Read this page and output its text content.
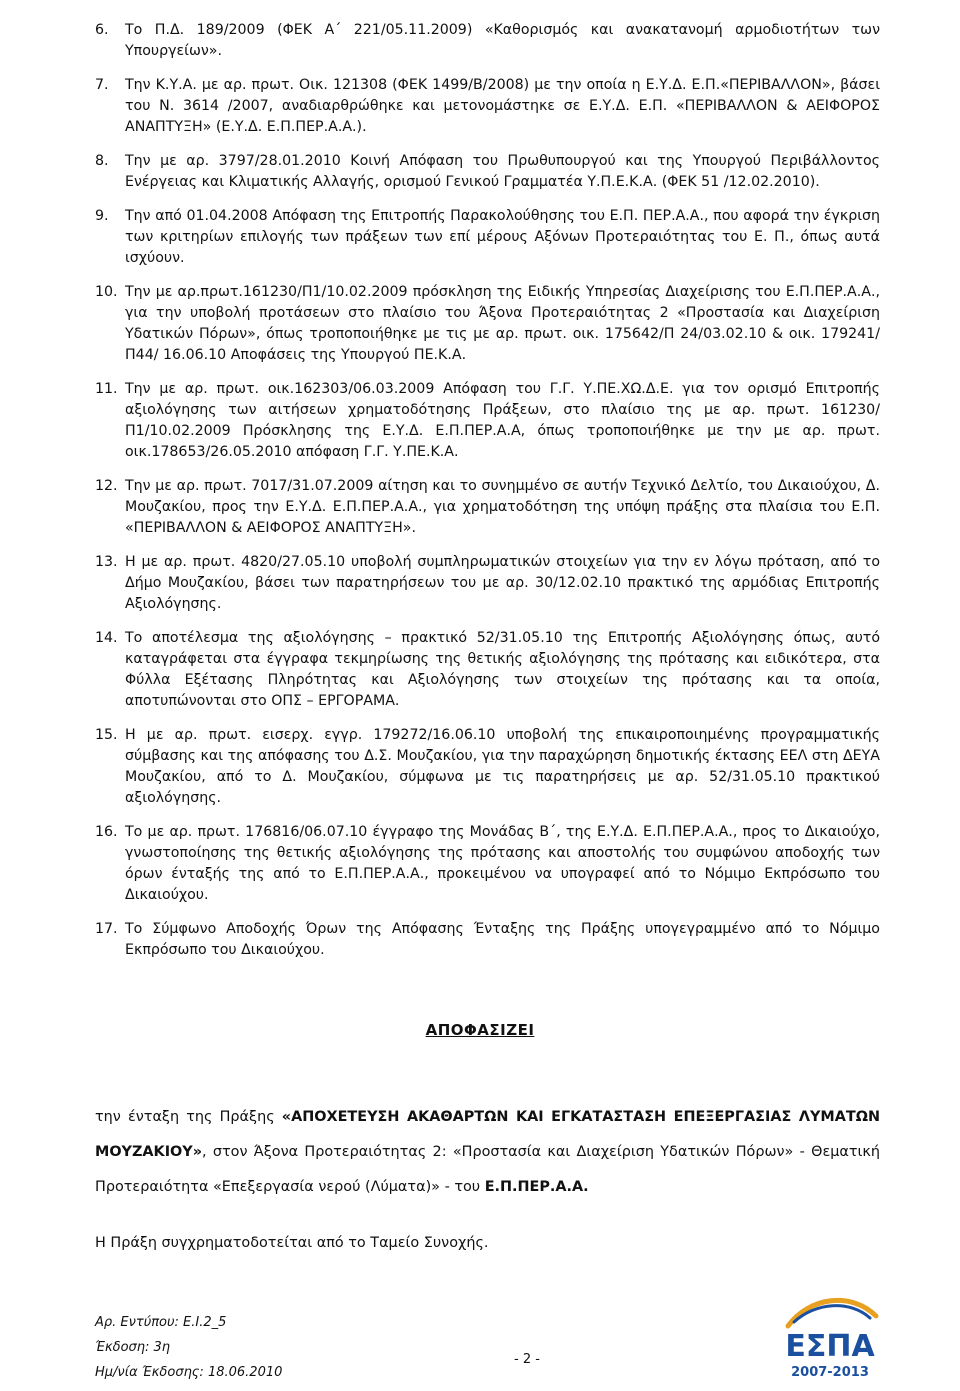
6.	Το Π.Δ. 189/2009 (ΦΕΚ Α΄ 221/05.11.2009) «Καθορισμός και ανακατανομή αρμοδιοτήτων των Υπουργείων».
7.	Την Κ.Υ.Α. με αρ. πρωτ. Οικ. 121308 (ΦΕΚ 1499/Β/2008) με την οποία η Ε.Υ.Δ. Ε.Π.«ΠΕΡΙΒΑΛΛΟΝ», βάσει του Ν. 3614 /2007, αναδιαρθρώθηκε και μετονομάστηκε σε Ε.Υ.Δ. Ε.Π. «ΠΕΡΙΒΑΛΛΟΝ & ΑΕΙΦΟΡΟΣ ΑΝΑΠΤΥΞΗ» (Ε.Υ.Δ. Ε.Π.ΠΕΡ.Α.Α.).
8.	Την με αρ. 3797/28.01.2010 Κοινή Απόφαση του Πρωθυπουργού και της Υπουργού Περιβάλλοντος Ενέργειας και Κλιματικής Αλλαγής, ορισμού Γενικού Γραμματέα Υ.Π.Ε.Κ.Α. (ΦΕΚ 51 /12.02.2010).
9.	Την από 01.04.2008 Απόφαση της Επιτροπής Παρακολούθησης του Ε.Π. ΠΕΡ.Α.Α., που αφορά την έγκριση των κριτηρίων επιλογής των πράξεων των επί μέρους Αξόνων Προτεραιότητας του Ε. Π., όπως αυτά ισχύουν.
10. Την με αρ.πρωτ.161230/Π1/10.02.2009 πρόσκληση της Ειδικής Υπηρεσίας Διαχείρισης του Ε.Π.ΠΕΡ.Α.Α., για την υποβολή προτάσεων στο πλαίσιο του Άξονα Προτεραιότητας 2 «Προστασία και Διαχείριση Υδατικών Πόρων», όπως τροποποιήθηκε με τις με αρ. πρωτ. οικ. 175642/Π 24/03.02.10 & οικ. 179241/Π44/ 16.06.10 Αποφάσεις της Υπουργού ΠΕ.Κ.Α.
11. Την με αρ. πρωτ. οικ.162303/06.03.2009 Απόφαση του Γ.Γ. Υ.ΠΕ.ΧΩ.Δ.Ε. για τον ορισμό Επιτροπής αξιολόγησης των αιτήσεων χρηματοδότησης Πράξεων, στο πλαίσιο της με αρ. πρωτ. 161230/Π1/10.02.2009 Πρόσκλησης της Ε.Υ.Δ. Ε.Π.ΠΕΡ.Α.Α, όπως τροποποιήθηκε με την με αρ. πρωτ. οικ.178653/26.05.2010 απόφαση Γ.Γ. Υ.ΠΕ.Κ.Α.
12. Την με αρ. πρωτ. 7017/31.07.2009 αίτηση και το συνημμένο σε αυτήν Τεχνικό Δελτίο, του Δικαιούχου, Δ. Μουζακίου, προς την Ε.Υ.Δ. Ε.Π.ΠΕΡ.Α.Α., για χρηματοδότηση της υπόψη πράξης στα πλαίσια του Ε.Π. «ΠΕΡΙΒΑΛΛΟΝ & ΑΕΙΦΟΡΟΣ ΑΝΑΠΤΥΞΗ».
13. Η με αρ. πρωτ. 4820/27.05.10 υποβολή συμπληρωματικών στοιχείων για την εν λόγω πρόταση, από το Δήμο Μουζακίου, βάσει των παρατηρήσεων του με αρ. 30/12.02.10 πρακτικό της αρμόδιας Επιτροπής Αξιολόγησης.
14. Το αποτέλεσμα της αξιολόγησης – πρακτικό 52/31.05.10 της Επιτροπής Αξιολόγησης όπως, αυτό καταγράφεται στα έγγραφα τεκμηρίωσης της θετικής αξιολόγησης της πρότασης και ειδικότερα, στα Φύλλα Εξέτασης Πληρότητας και Αξιολόγησης των στοιχείων της πρότασης και τα οποία, αποτυπώνονται στο ΟΠΣ – ΕΡΓΟΡΑΜΑ.
15. Η με αρ. πρωτ. εισερχ. εγγρ. 179272/16.06.10 υποβολή της επικαιροποιημένης προγραμματικής σύμβασης και της απόφασης του Δ.Σ. Μουζακίου, για την παραχώρηση δημοτικής έκτασης ΕΕΛ στη ΔΕΥΑ Μουζακίου, από το Δ. Μουζακίου, σύμφωνα με τις παρατηρήσεις με αρ. 52/31.05.10 πρακτικού αξιολόγησης.
16. Το με αρ. πρωτ. 176816/06.07.10 έγγραφο της Μονάδας Β΄, της Ε.Υ.Δ. Ε.Π.ΠΕΡ.Α.Α., προς το Δικαιούχο, γνωστοποίησης της θετικής αξιολόγησης της πρότασης και αποστολής του συμφώνου αποδοχής των όρων ένταξής της από το Ε.Π.ΠΕΡ.Α.Α., προκειμένου να υπογραφεί από το Νόμιμο Εκπρόσωπο του Δικαιούχου.
17. Το Σύμφωνο Αποδοχής Όρων της Απόφασης Ένταξης της Πράξης υπογεγραμμένο από το Νόμιμο Εκπρόσωπο του Δικαιούχου.
ΑΠΟΦΑΣΙΖΕΙ
την ένταξη της Πράξης «ΑΠΟΧΕΤΕΥΣΗ ΑΚΑΘΑΡΤΩΝ ΚΑΙ ΕΓΚΑΤΑΣΤΑΣΗ ΕΠΕΞΕΡΓΑΣΙΑΣ ΛΥΜΑΤΩΝ ΜΟΥΖΑΚΙΟΥ», στον Άξονα Προτεραιότητας 2: «Προστασία και Διαχείριση Υδατικών Πόρων» - Θεματική Προτεραιότητα «Επεξεργασία νερού (Λύματα)» - του Ε.Π.ΠΕΡ.Α.Α.
Η Πράξη συγχρηματοδοτείται από το Ταμείο Συνοχής.
Αρ. Εντύπου: Ε.Ι.2_5
Έκδοση: 3η
Ημ/νία Έκδοσης: 18.06.2010
- 2 -	ΕΣΠΑ
2007-2013
